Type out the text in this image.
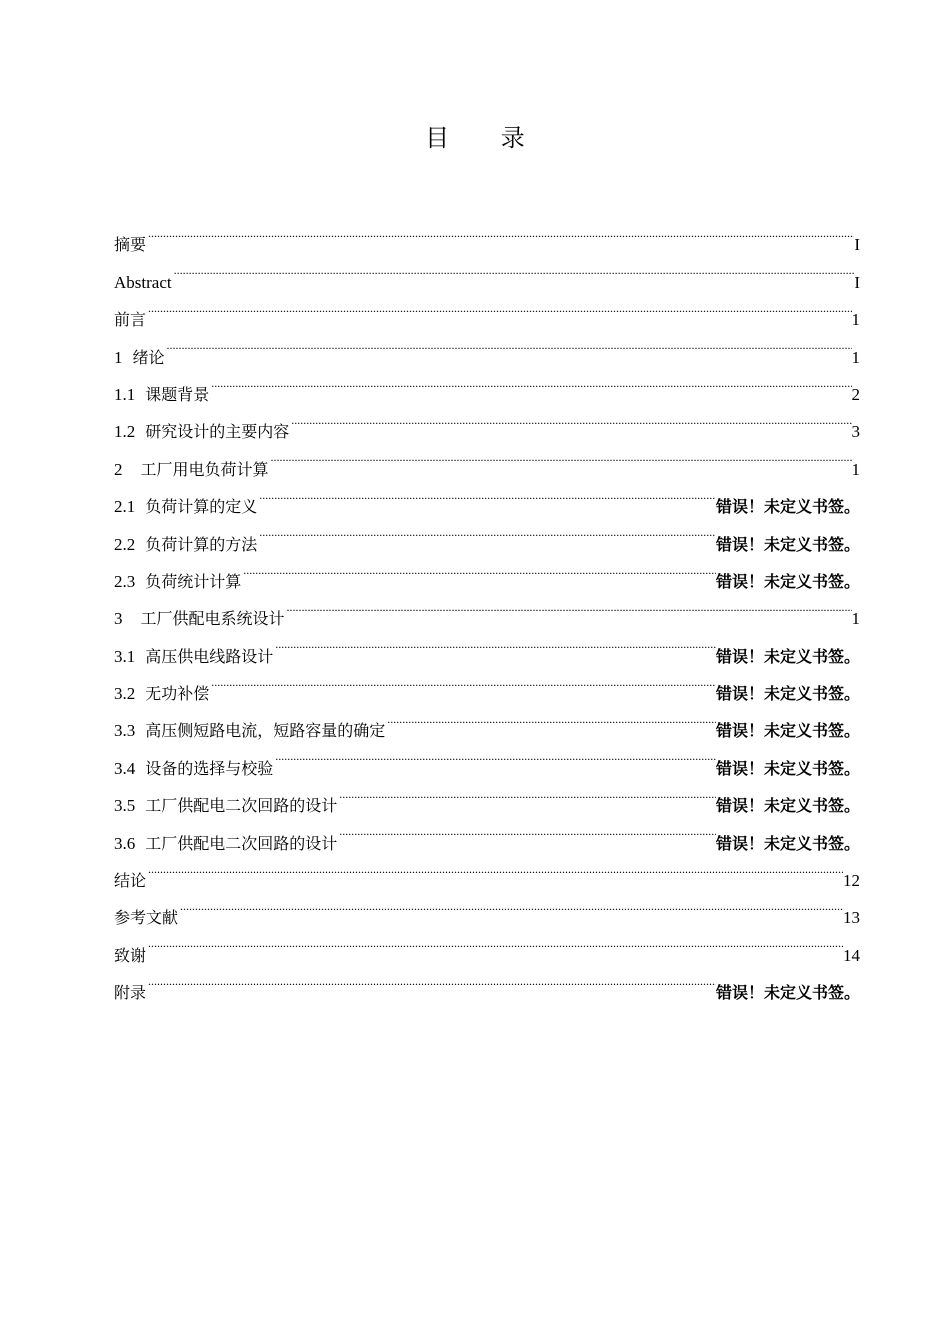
目 录
摘要 .....	I
Abstract .....	I
前言 .....	1
1 绪论 .....	1
1.1 课题背景 .....	2
1.2 研究设计的主要内容 .....	3
2 工厂用电负荷计算 .....	1
2.1 负荷计算的定义 .....	错误！未定义书签。
2.2 负荷计算的方法 .....	错误！未定义书签。
2.3 负荷统计计算 .....	错误！未定义书签。
3 工厂供配电系统设计 .....	1
3.1 高压供电线路设计 .....	错误！未定义书签。
3.2 无功补偿 .....	错误！未定义书签。
3.3 高压侧短路电流，短路容量的确定 .....	错误！未定义书签。
3.4 设备的选择与校验 .....	错误！未定义书签。
3.5 工厂供配电二次回路的设计 .....	错误！未定义书签。
3.6 工厂供配电二次回路的设计 .....	错误！未定义书签。
结论 .....	12
参考文献 .....	13
致谢 .....	14
附录 .....	错误！未定义书签。
